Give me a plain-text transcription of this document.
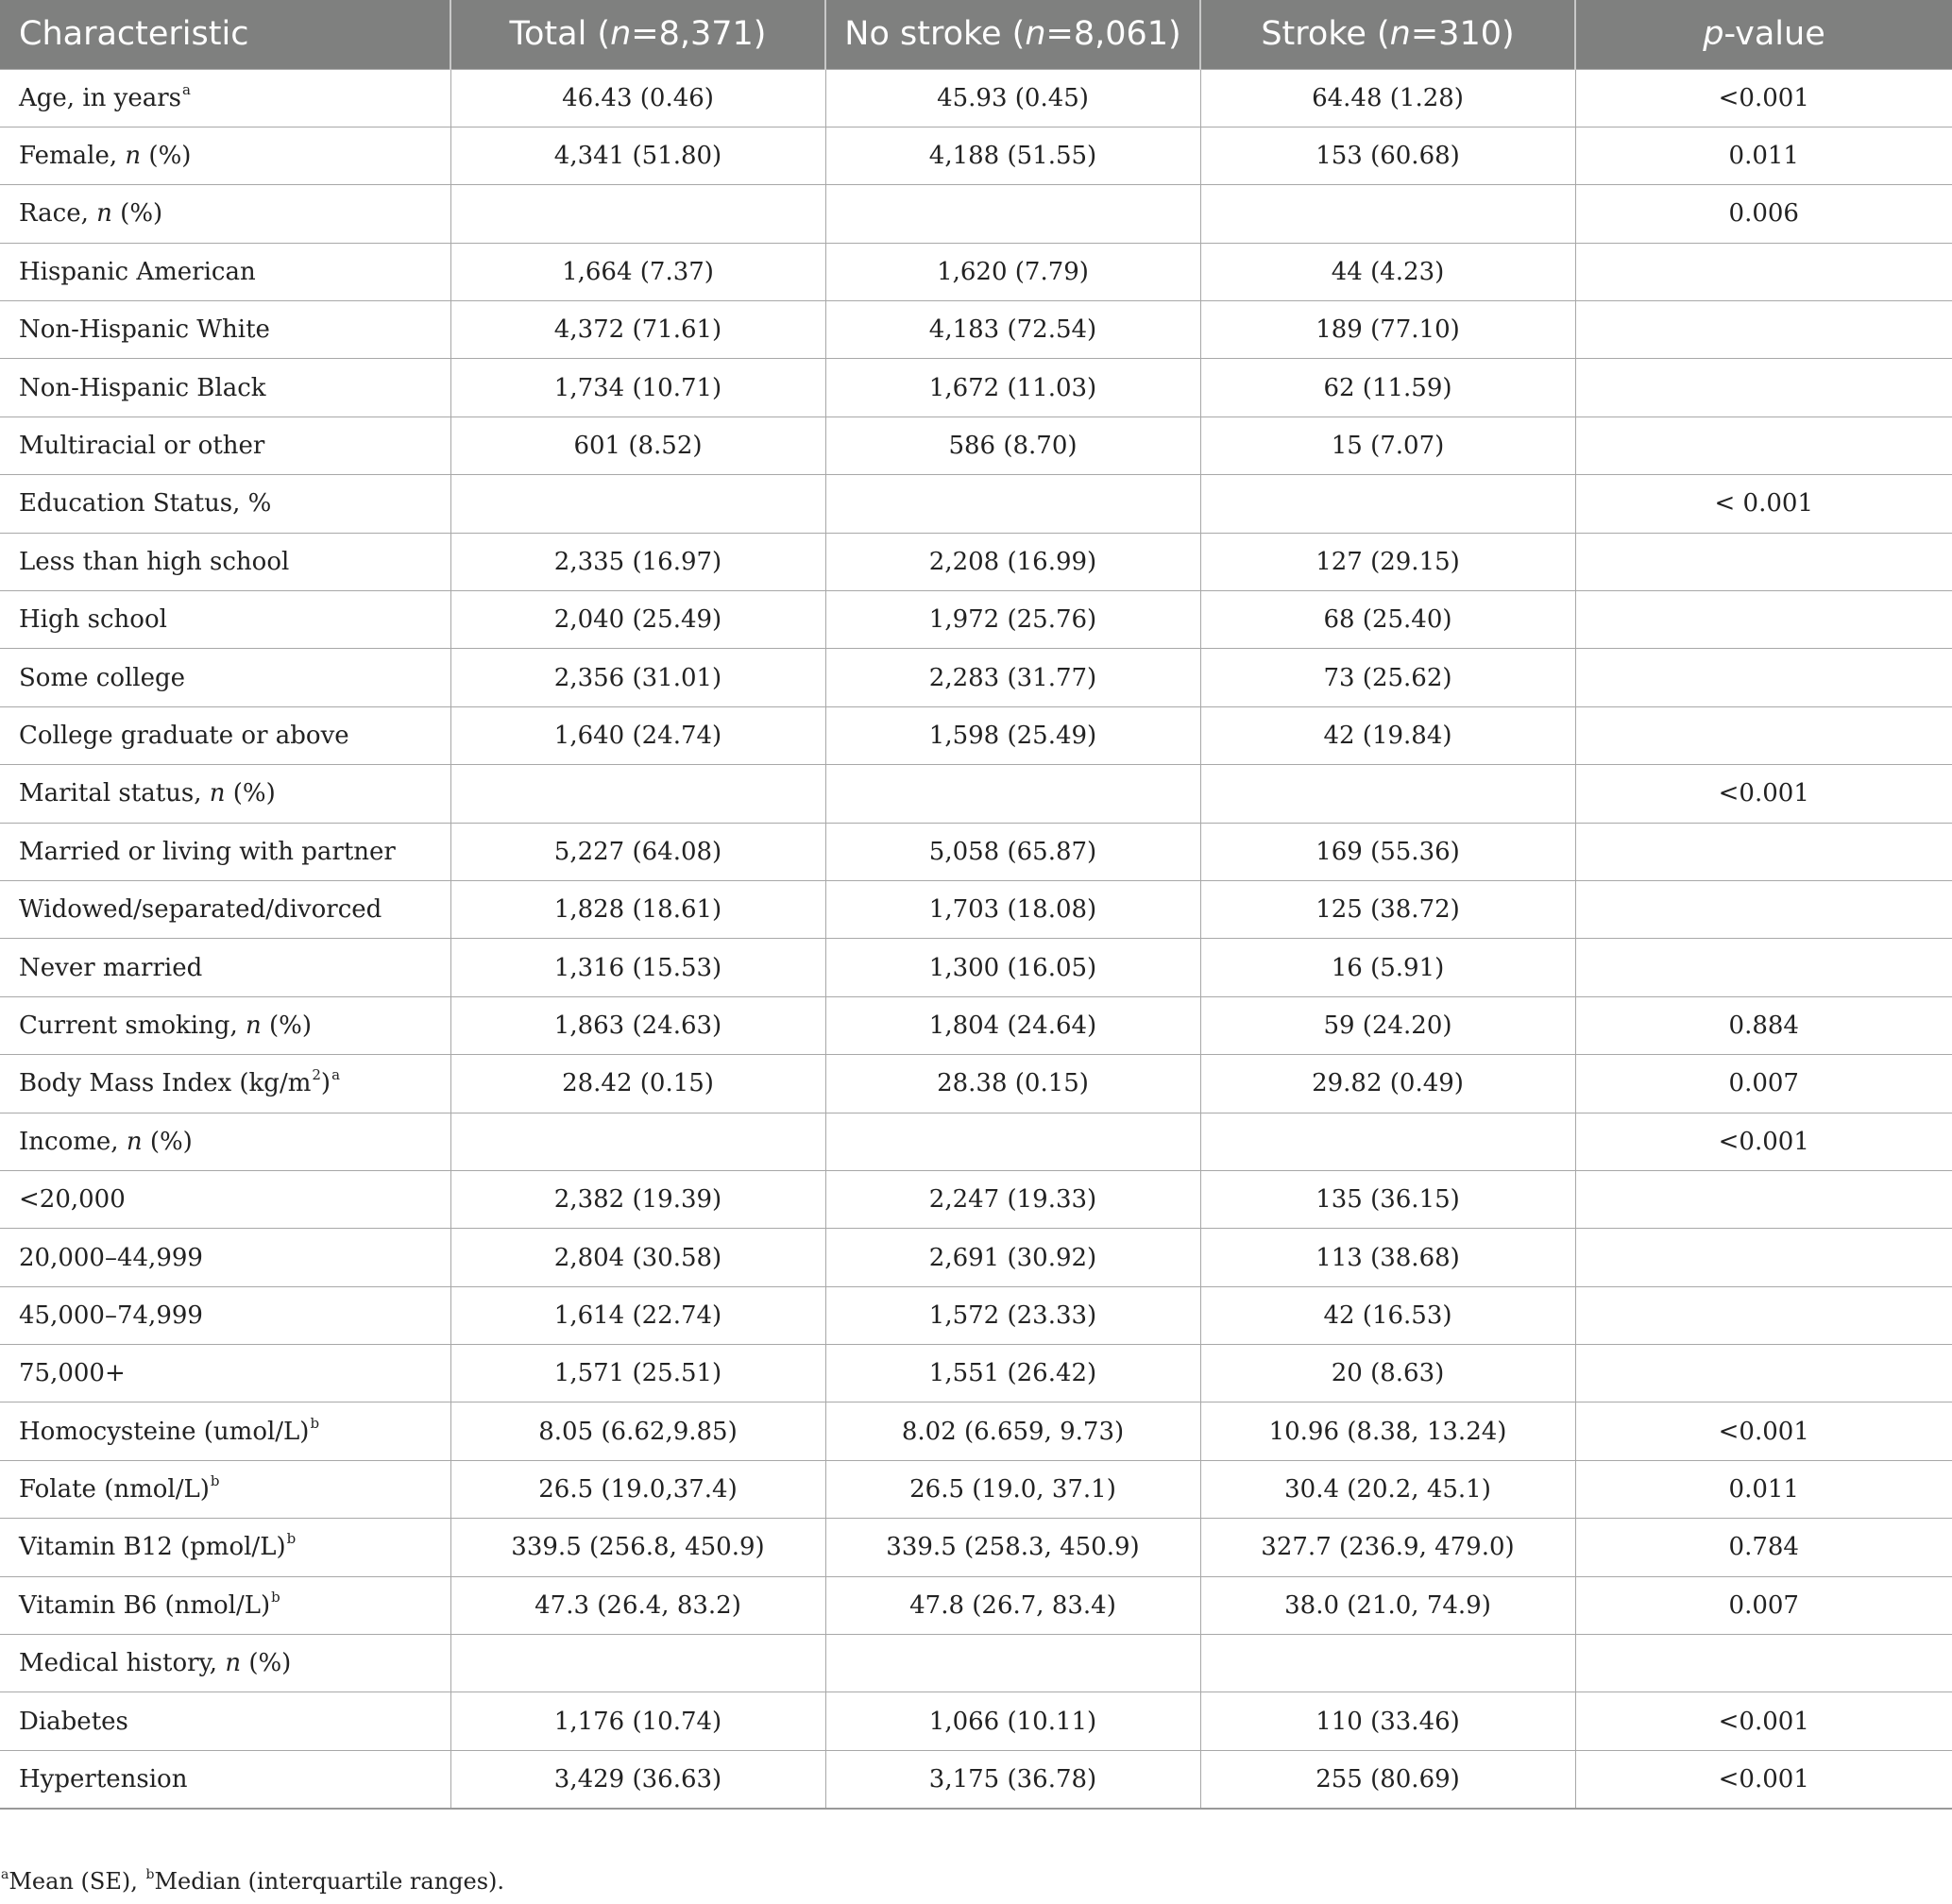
Characteristic	Total (n=8,371)	No stroke (n=8,061)	Stroke (n=310)	p-value
Age, in years$^a$	46.43 (0.46)	45.93 (0.45)	64.48 (1.28)	<0.001
Female, n (%)	4,341 (51.80)	4,188 (51.55)	153 (60.68)	0.011
Race, n (%)				0.006
Hispanic American	1,664 (7.37)	1,620 (7.79)	44 (4.23)	
Non-Hispanic White	4,372 (71.61)	4,183 (72.54)	189 (77.10)	
Non-Hispanic Black	1,734 (10.71)	1,672 (11.03)	62 (11.59)	
Multiracial or other	601 (8.52)	586 (8.70)	15 (7.07)	
Education Status, %				< 0.001
Less than high school	2,335 (16.97)	2,208 (16.99)	127 (29.15)	
High school	2,040 (25.49)	1,972 (25.76)	68 (25.40)	
Some college	2,356 (31.01)	2,283 (31.77)	73 (25.62)	
College graduate or above	1,640 (24.74)	1,598 (25.49)	42 (19.84)	
Marital status, n (%)				<0.001
Married or living with partner	5,227 (64.08)	5,058 (65.87)	169 (55.36)	
Widowed/separated/divorced	1,828 (18.61)	1,703 (18.08)	125 (38.72)	
Never married	1,316 (15.53)	1,300 (16.05)	16 (5.91)	
Current smoking, n (%)	1,863 (24.63)	1,804 (24.64)	59 (24.20)	0.884
Body Mass Index $(kg/m^2)^a$	28.42 (0.15)	28.38 (0.15)	29.82 (0.49)	0.007
Income, n (%)				<0.001
<20,000	2,382 (19.39)	2,247 (19.33)	135 (36.15)	
20,000–44,999	2,804 (30.58)	2,691 (30.92)	113 (38.68)	
45,000–74,999	1,614 (22.74)	1,572 (23.33)	42 (16.53)	
75,000+	1,571 (25.51)	1,551 (26.42)	20 (8.63)	
Homocysteine (umol/L)$^b$	8.05 (6.62,9.85)	8.02 (6.659, 9.73)	10.96 (8.38, 13.24)	<0.001
Folate (nmol/L)$^b$	26.5 (19.0,37.4)	26.5 (19.0, 37.1)	30.4 (20.2, 45.1)	0.011
Vitamin B12 (pmol/L)$^b$	339.5 (256.8, 450.9)	339.5 (258.3, 450.9)	327.7 (236.9, 479.0)	0.784
Vitamin B6 (nmol/L)$^b$	47.3 (26.4, 83.2)	47.8 (26.7, 83.4)	38.0 (21.0, 74.9)	0.007
Medical history, n (%)				
Diabetes	1,176 (10.74)	1,066 (10.11)	110 (33.46)	<0.001
Hypertension	3,429 (36.63)	3,175 (36.78)	255 (80.69)	<0.001
$^a$Mean (SE), $^b$Median (interquartile ranges).
